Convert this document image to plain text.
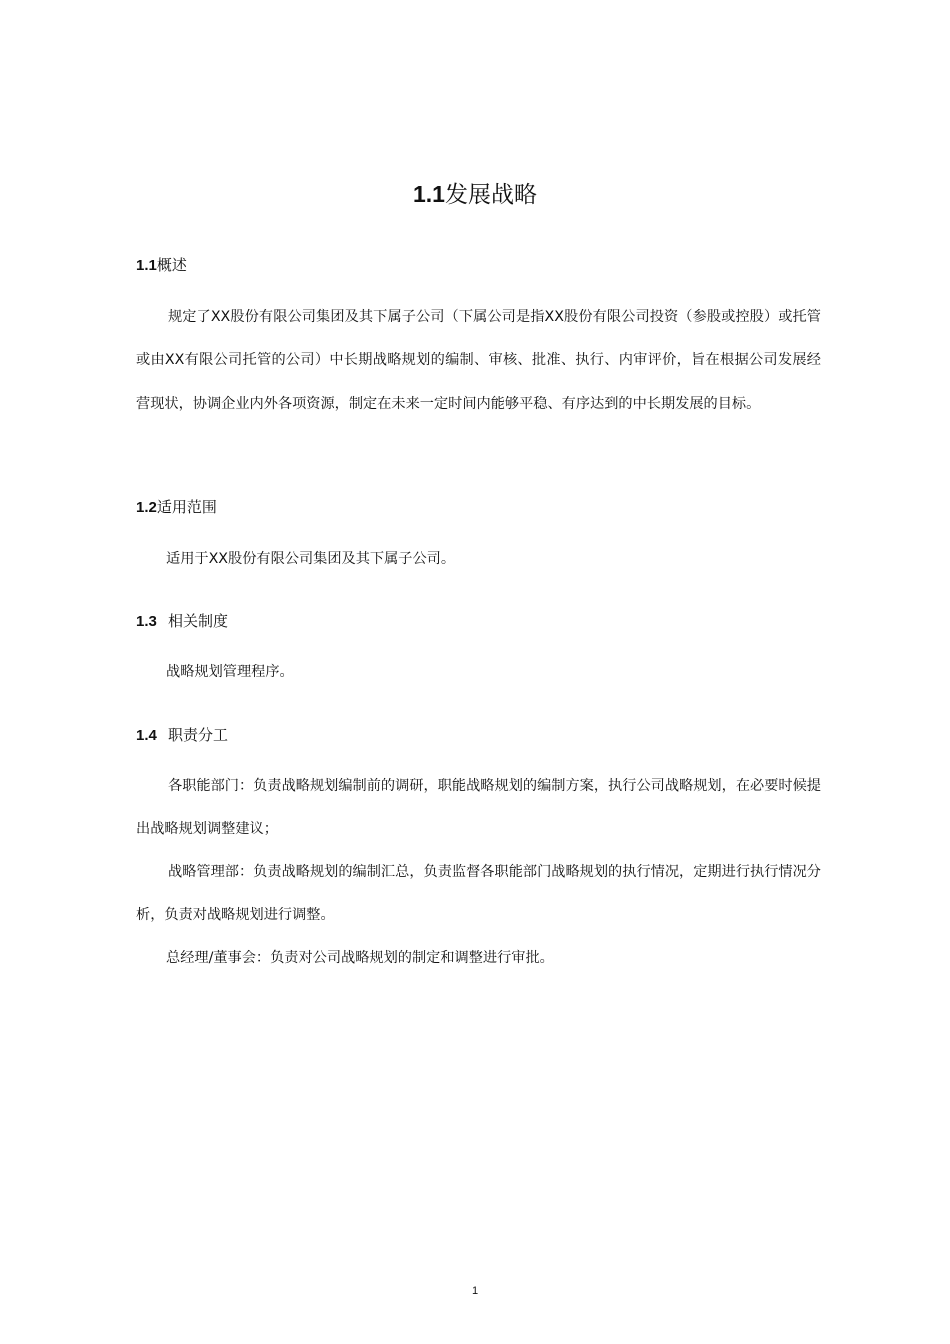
1.1发展战略
1.1概述

规定了XX股份有限公司集团及其下属子公司（下属公司是指XX股份有限公司投资（参股或控股）或托管或由XX有限公司托管的公司）中长期战略规划的编制、审核、批准、执行、内审评价，旨在根据公司发展经营现状，协调企业内外各项资源，制定在未来一定时间内能够平稳、有序达到的中长期发展的目标。

1.2适用范围

适用于XX股份有限公司集团及其下属子公司。

1.3 相关制度

战略规划管理程序。

1.4 职责分工

各职能部门：负责战略规划编制前的调研，职能战略规划的编制方案，执行公司战略规划，在必要时候提出战略规划调整建议；

战略管理部：负责战略规划的编制汇总，负责监督各职能部门战略规划的执行情况，定期进行执行情况分析，负责对战略规划进行调整。

总经理/董事会：负责对公司战略规划的制定和调整进行审批。

1
